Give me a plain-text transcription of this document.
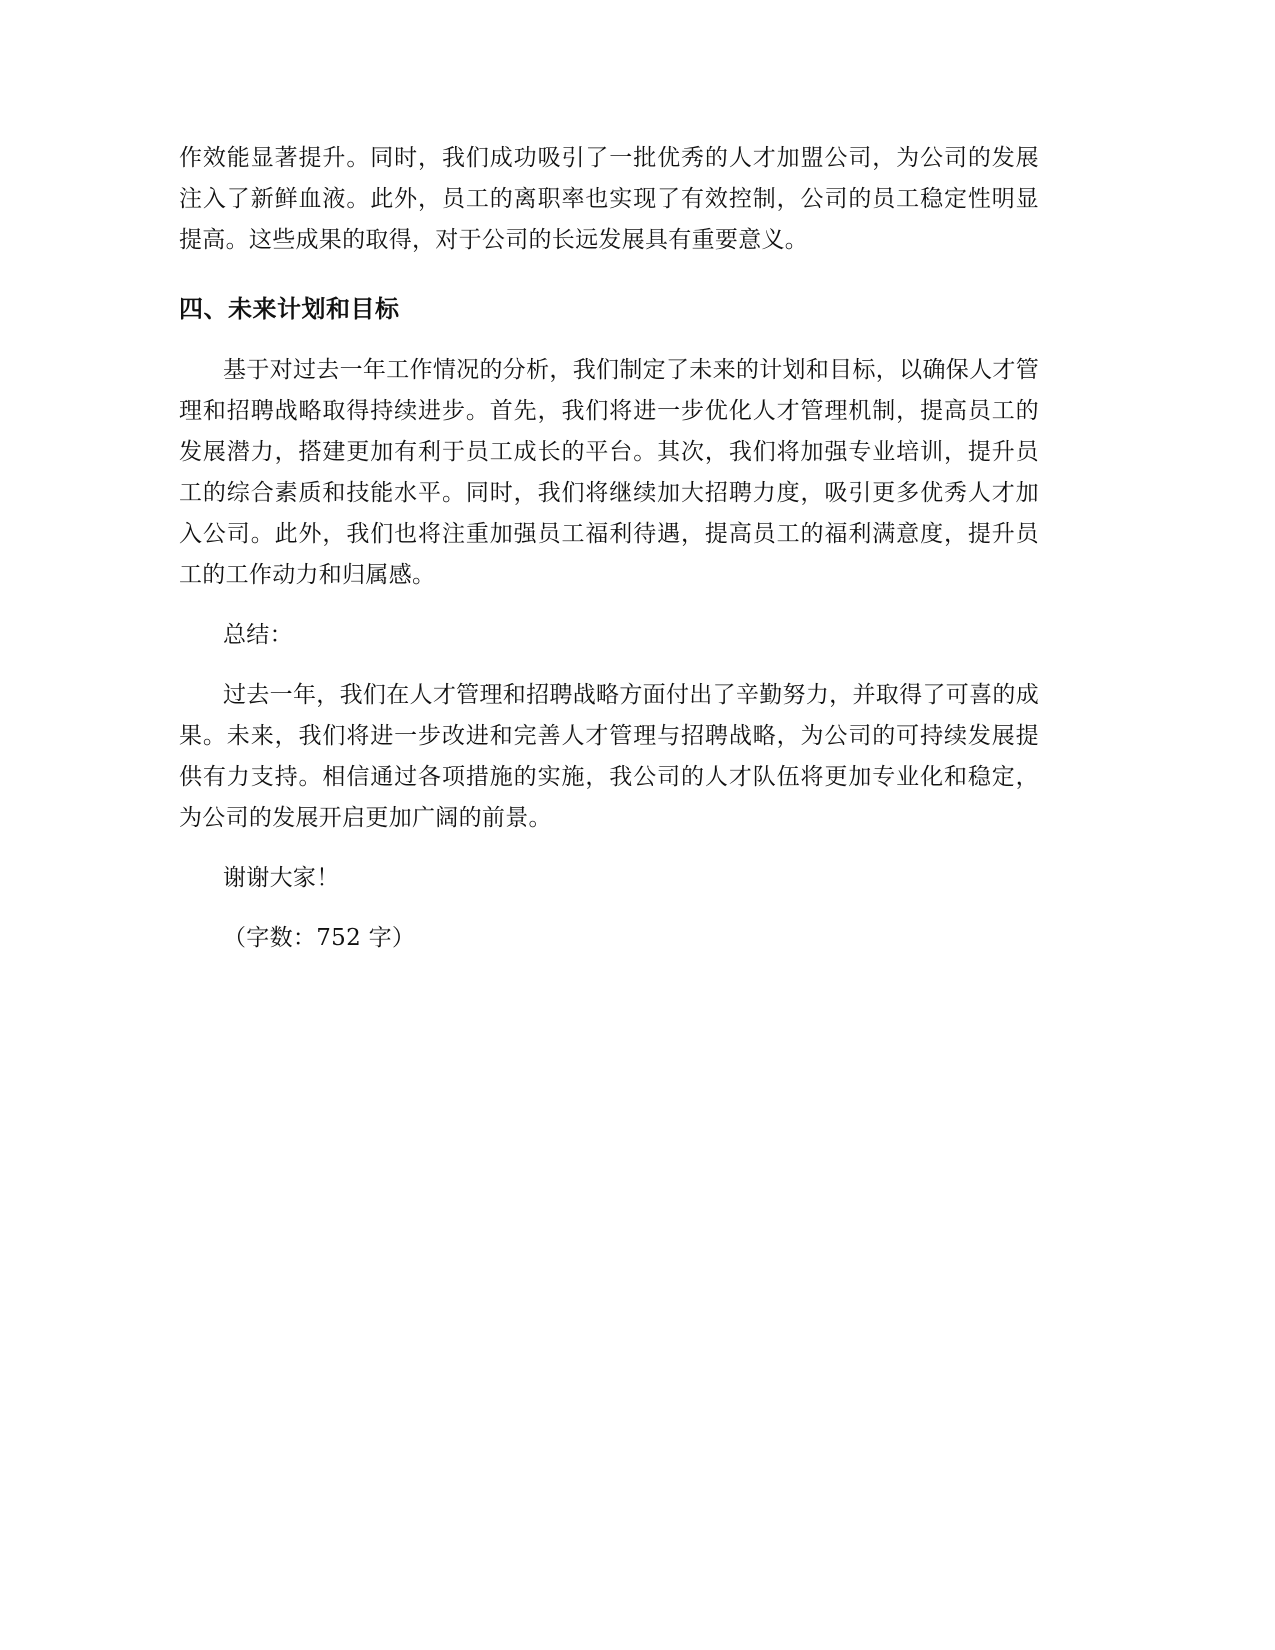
作效能显著提升。同时，我们成功吸引了一批优秀的人才加盟公司，为公司的发展注入了新鲜血液。此外，员工的离职率也实现了有效控制，公司的员工稳定性明显提高。这些成果的取得，对于公司的长远发展具有重要意义。

四、未来计划和目标

基于对过去一年工作情况的分析，我们制定了未来的计划和目标，以确保人才管理和招聘战略取得持续进步。首先，我们将进一步优化人才管理机制，提高员工的发展潜力，搭建更加有利于员工成长的平台。其次，我们将加强专业培训，提升员工的综合素质和技能水平。同时，我们将继续加大招聘力度，吸引更多优秀人才加入公司。此外，我们也将注重加强员工福利待遇，提高员工的福利满意度，提升员工的工作动力和归属感。

总结：

过去一年，我们在人才管理和招聘战略方面付出了辛勤努力，并取得了可喜的成果。未来，我们将进一步改进和完善人才管理与招聘战略，为公司的可持续发展提供有力支持。相信通过各项措施的实施，我公司的人才队伍将更加专业化和稳定，为公司的发展开启更加广阔的前景。

谢谢大家！

（字数：752 字）
